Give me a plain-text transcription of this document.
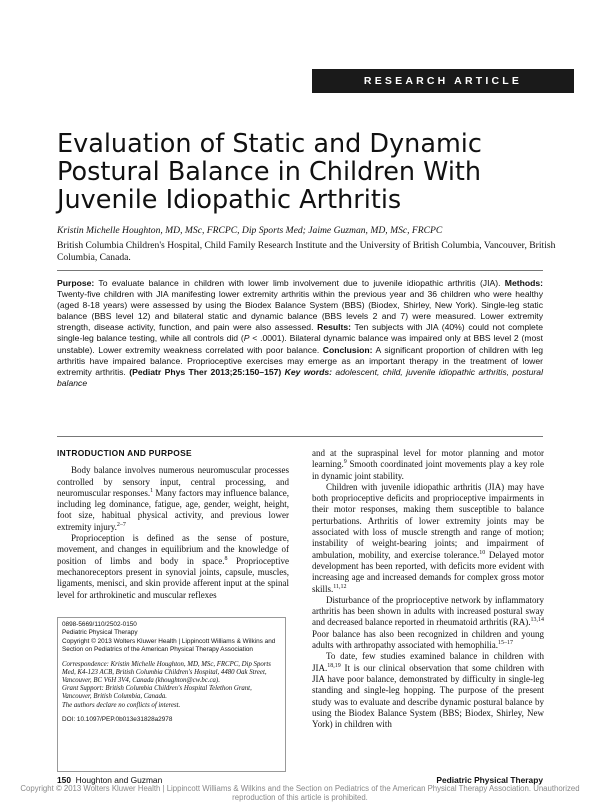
RESEARCH ARTICLE
Evaluation of Static and Dynamic Postural Balance in Children With Juvenile Idiopathic Arthritis
Kristin Michelle Houghton, MD, MSc, FRCPC, Dip Sports Med; Jaime Guzman, MD, MSc, FRCPC
British Columbia Children's Hospital, Child Family Research Institute and the University of British Columbia, Vancouver, British Columbia, Canada.
Purpose: To evaluate balance in children with lower limb involvement due to juvenile idiopathic arthritis (JIA). Methods: Twenty-five children with JIA manifesting lower extremity arthritis within the previous year and 36 children who were healthy (aged 8-18 years) were assessed by using the Biodex Balance System (BBS) (Biodex, Shirley, New York). Single-leg static balance (BBS level 12) and bilateral static and dynamic balance (BBS levels 2 and 7) were measured. Lower extremity strength, disease activity, function, and pain were also assessed. Results: Ten subjects with JIA (40%) could not complete single-leg balance testing, while all controls did (P < .0001). Bilateral dynamic balance was impaired only at BBS level 2 (most unstable). Lower extremity weakness correlated with poor balance. Conclusion: A significant proportion of children with leg arthritis have impaired balance. Proprioceptive exercises may emerge as an important therapy in the treatment of lower extremity arthritis. (Pediatr Phys Ther 2013;25:150–157) Key words: adolescent, child, juvenile idiopathic arthritis, postural balance
INTRODUCTION AND PURPOSE

Body balance involves numerous neuromuscular processes controlled by sensory input, central processing, and neuromuscular responses.$^1$ Many factors may influence balance, including leg dominance, fatigue, age, gender, weight, height, foot size, habitual physical activity, and previous lower extremity injury.$^{2-7}$

Proprioception is defined as the sense of posture, movement, and changes in equilibrium and the knowledge of position of limbs and body in space.$^8$ Proprioceptive mechanoreceptors present in synovial joints, capsule, muscles, ligaments, menisci, and skin provide afferent input at the spinal level for arthrokinetic and muscular reflexes

0898-5669/110/2502-0150
Pediatric Physical Therapy
Copyright © 2013 Wolters Kluwer Health | Lippincott Williams & Wilkins and Section on Pediatrics of the American Physical Therapy Association
Correspondence: Kristin Michelle Houghton, MD, MSc, FRCPC, Dip Sports Med, K4-123 ACB, British Columbia Children's Hospital, 4480 Oak Street, Vancouver, BC V6H 3V4, Canada (khoughton@cw.bc.ca).
Grant Support: British Columbia Children's Hospital Telethon Grant, Vancouver, British Columbia, Canada.
The authors declare no conflicts of interest.
DOI: 10.1097/PEP.0b013e31828a2978

and at the supraspinal level for motor planning and motor learning.$^9$ Smooth coordinated joint movements play a key role in dynamic joint stability.

Children with juvenile idiopathic arthritis (JIA) may have both proprioceptive deficits and proprioceptive impairments in their motor responses, making them susceptible to balance perturbations. Arthritis of lower extremity joints may be associated with loss of muscle strength and range of motion; instability of weight-bearing joints; and impairment of ambulation, mobility, and exercise tolerance.$^{10}$ Delayed motor development has been reported, with deficits more evident with increasing age and increased demands for complex gross motor skills.$^{11,12}$

Disturbance of the proprioceptive network by inflammatory arthritis has been shown in adults with increased postural sway and decreased balance reported in rheumatoid arthritis (RA).$^{13,14}$ Poor balance has also been recognized in children and young adults with arthropathy associated with hemophilia.$^{15-17}$

To date, few studies examined balance in children with JIA.$^{18,19}$ It is our clinical observation that some children with JIA have poor balance, demonstrated by difficulty in single-leg standing and single-leg hopping. The purpose of the present study was to evaluate and describe dynamic postural balance by using the Biodex Balance System (BBS; Biodex, Shirley, New York) in children with

150 Houghton and Guzman	Pediatric Physical Therapy
Copyright © 2013 Wolters Kluwer Health | Lippincott Williams & Wilkins and the Section on Pediatrics of the American Physical Therapy Association. Unauthorized reproduction of this article is prohibited.
